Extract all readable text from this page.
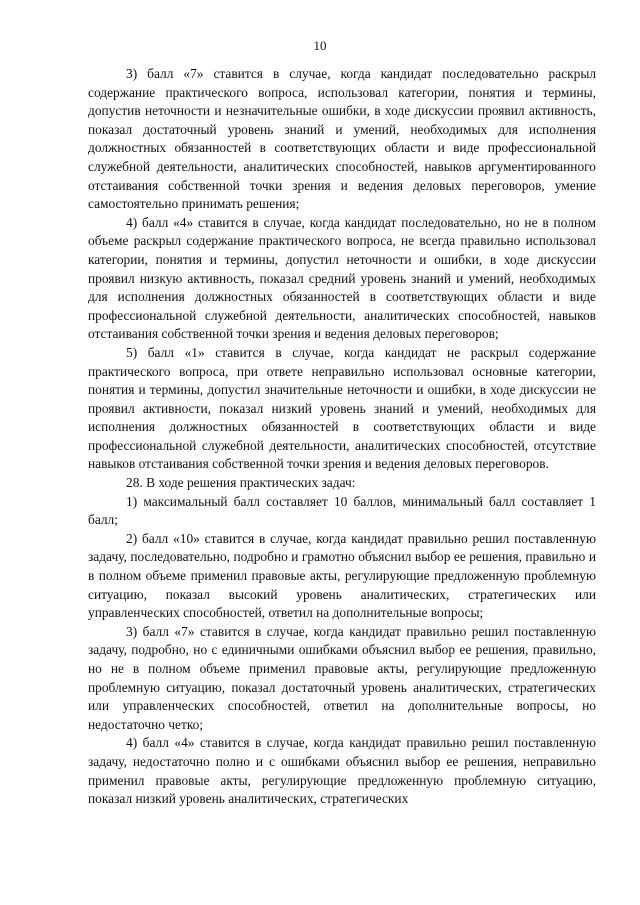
10

3) балл «7» ставится в случае, когда кандидат последовательно раскрыл содержание практического вопроса, использовал категории, понятия и термины, допустив неточности и незначительные ошибки, в ходе дискуссии проявил активность, показал достаточный уровень знаний и умений, необходимых для исполнения должностных обязанностей в соответствующих области и виде профессиональной служебной деятельности, аналитических способностей, навыков аргументированного отстаивания собственной точки зрения и ведения деловых переговоров, умение самостоятельно принимать решения;

4) балл «4» ставится в случае, когда кандидат последовательно, но не в полном объеме раскрыл содержание практического вопроса, не всегда правильно использовал категории, понятия и термины, допустил неточности и ошибки, в ходе дискуссии проявил низкую активность, показал средний уровень знаний и умений, необходимых для исполнения должностных обязанностей в соответствующих области и виде профессиональной служебной деятельности, аналитических способностей, навыков отстаивания собственной точки зрения и ведения деловых переговоров;

5) балл «1» ставится в случае, когда кандидат не раскрыл содержание практического вопроса, при ответе неправильно использовал основные категории, понятия и термины, допустил значительные неточности и ошибки, в ходе дискуссии не проявил активности, показал низкий уровень знаний и умений, необходимых для исполнения должностных обязанностей в соответствующих области и виде профессиональной служебной деятельности, аналитических способностей, отсутствие навыков отстаивания собственной точки зрения и ведения деловых переговоров.

28. В ходе решения практических задач:

1) максимальный балл составляет 10 баллов, минимальный балл составляет 1 балл;

2) балл «10» ставится в случае, когда кандидат правильно решил поставленную задачу, последовательно, подробно и грамотно объяснил выбор ее решения, правильно и в полном объеме применил правовые акты, регулирующие предложенную проблемную ситуацию, показал высокий уровень аналитических, стратегических или управленческих способностей, ответил на дополнительные вопросы;

3) балл «7» ставится в случае, когда кандидат правильно решил поставленную задачу, подробно, но с единичными ошибками объяснил выбор ее решения, правильно, но не в полном объеме применил правовые акты, регулирующие предложенную проблемную ситуацию, показал достаточный уровень аналитических, стратегических или управленческих способностей, ответил на дополнительные вопросы, но недостаточно четко;

4) балл «4» ставится в случае, когда кандидат правильно решил поставленную задачу, недостаточно полно и с ошибками объяснил выбор ее решения, неправильно применил правовые акты, регулирующие предложенную проблемную ситуацию, показал низкий уровень аналитических, стратегических
